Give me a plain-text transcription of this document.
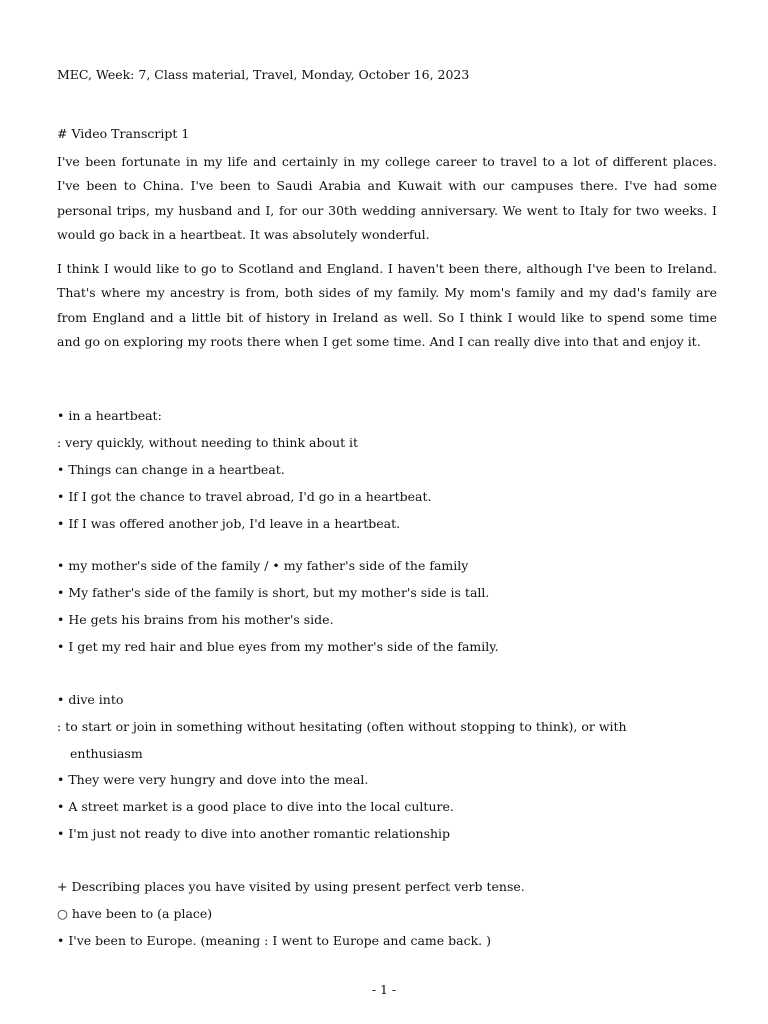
MEC, Week: 7, Class material, Travel, Monday, October 16, 2023
# Video Transcript 1

I've been fortunate in my life and certainly in my college career to travel to a lot of different places. I've been to China. I've been to Saudi Arabia and Kuwait with our campuses there. I've had some personal trips, my husband and I, for our 30th wedding anniversary. We went to Italy for two weeks. I would go back in a heartbeat. It was absolutely wonderful.

I think I would like to go to Scotland and England. I haven't been there, although I've been to Ireland. That's where my ancestry is from, both sides of my family. My mom's family and my dad's family are from England and a little bit of history in Ireland as well. So I think I would like to spend some time and go on exploring my roots there when I get some time. And I can really dive into that and enjoy it.

• in a heartbeat:
: very quickly, without needing to think about it
• Things can change in a heartbeat.
• If I got the chance to travel abroad, I'd go in a heartbeat.
• If I was offered another job, I'd leave in a heartbeat.
• my mother's side of the family / • my father's side of the family
• My father's side of the family is short, but my mother's side is tall.
• He gets his brains from his mother's side.
• I get my red hair and blue eyes from my mother's side of the family.
• dive into
: to start or join in something without hesitating (often without stopping to think), or with
enthusiasm
• They were very hungry and dove into the meal.
• A street market is a good place to dive into the local culture.
• I'm just not ready to dive into another romantic relationship
+ Describing places you have visited by using present perfect verb tense.
○ have been to (a place)
• I've been to Europe. (meaning : I went to Europe and came back. )
- 1 -
